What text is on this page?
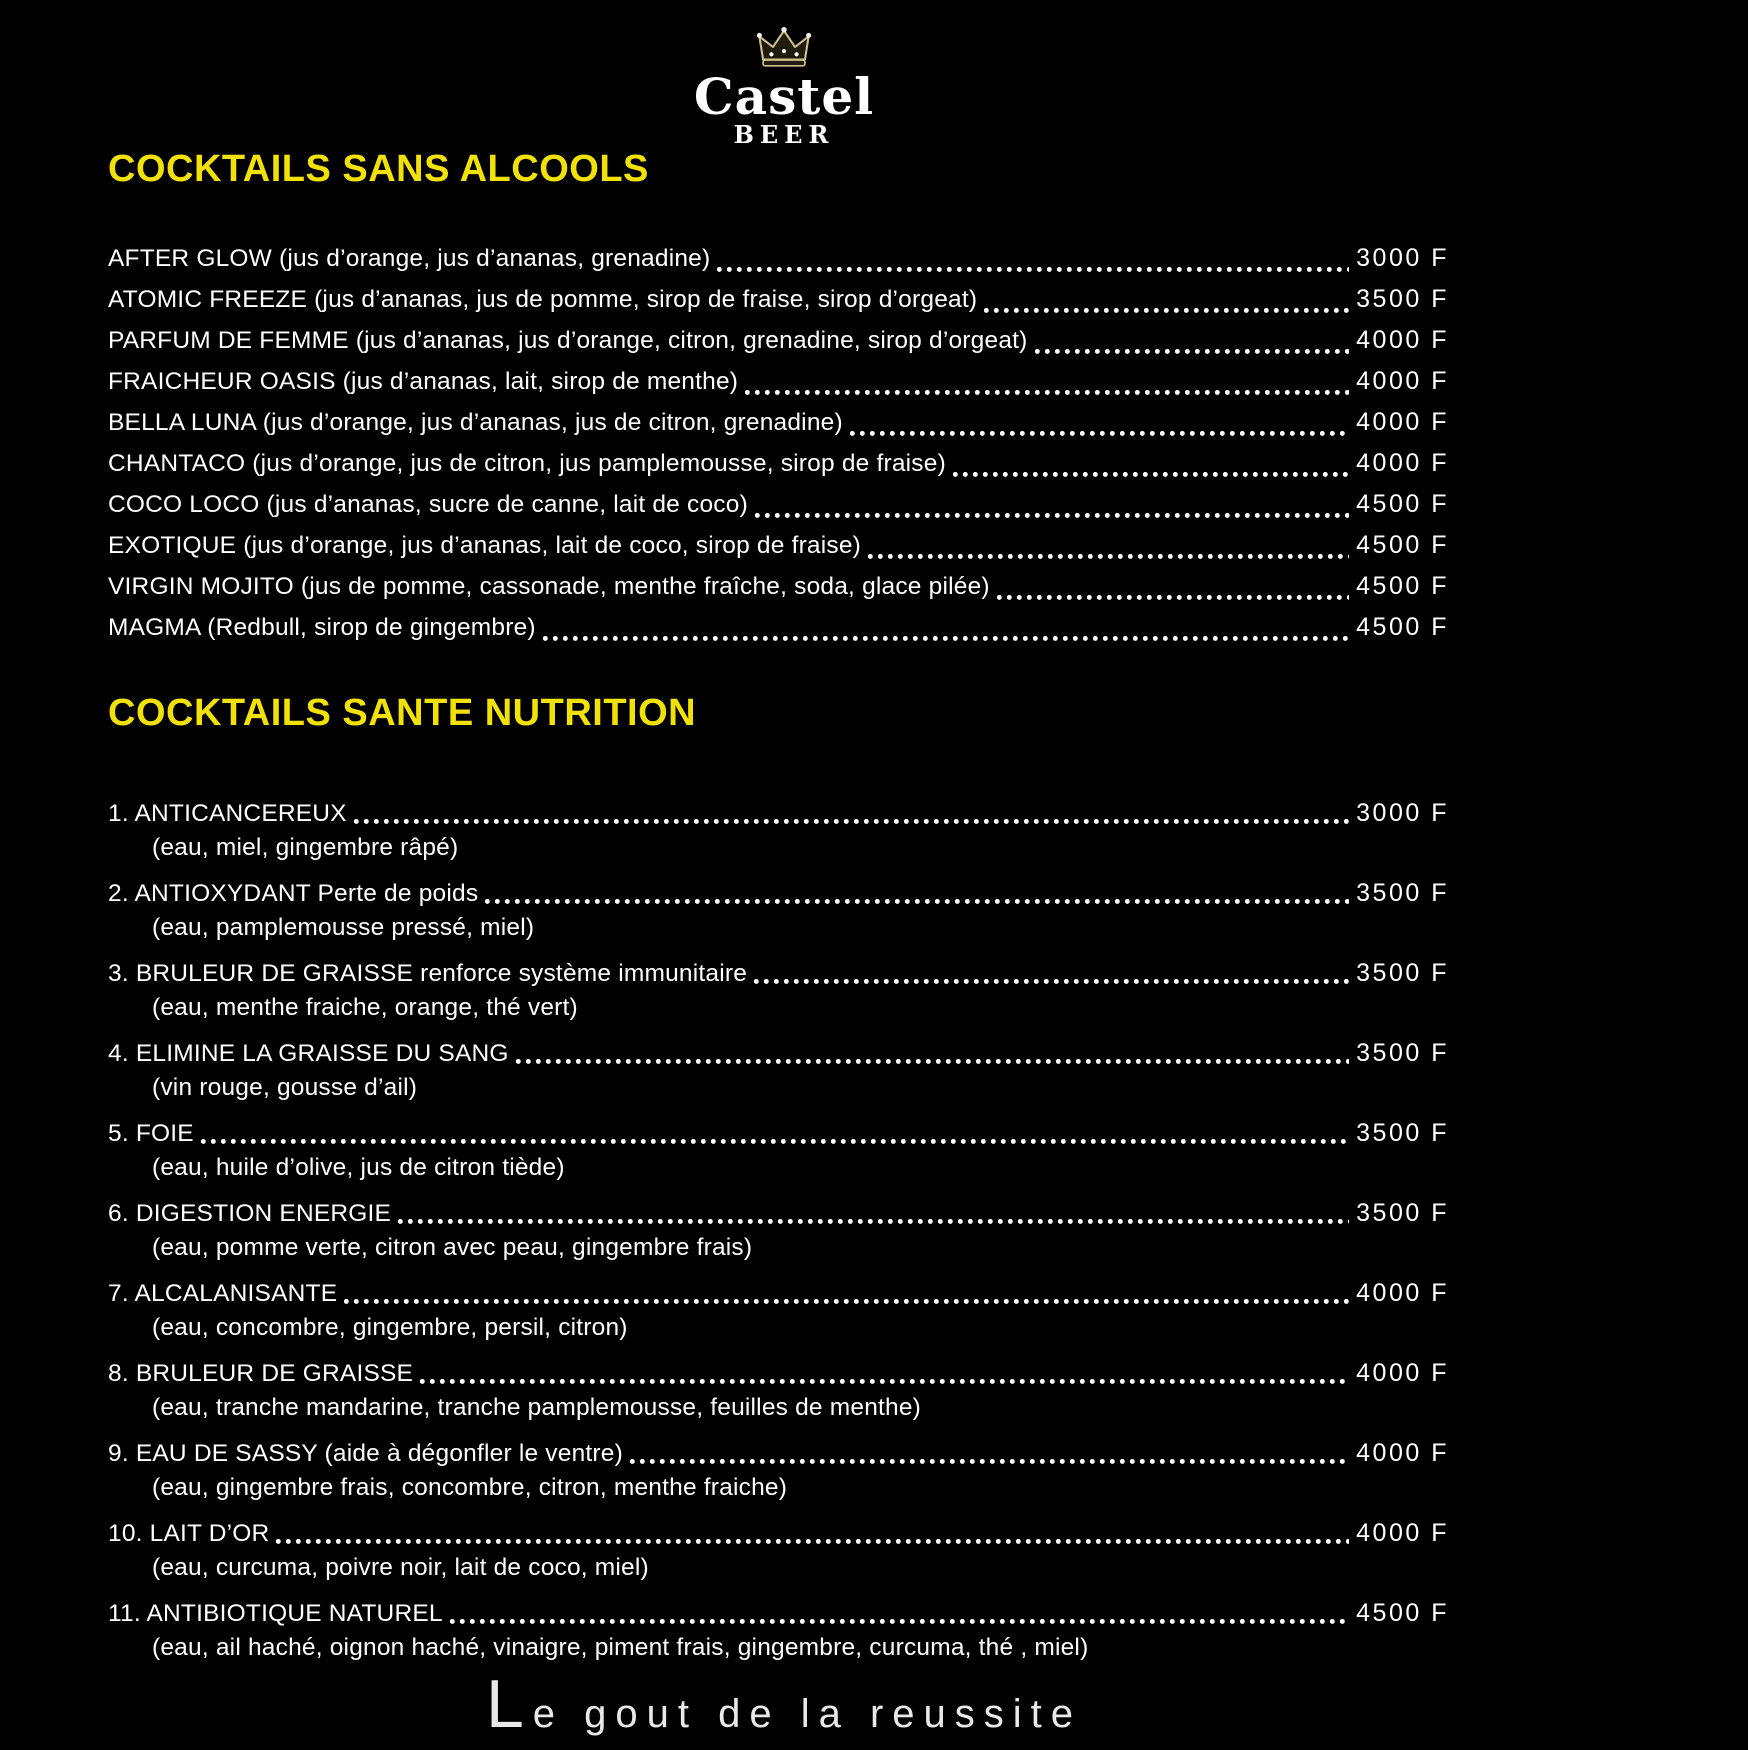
Castel
BEER
COCKTAILS SANS ALCOOLS
AFTER GLOW (jus d’orange, jus d’ananas, grenadine)	3000 F
ATOMIC FREEZE (jus d’ananas, jus de pomme, sirop de fraise, sirop d’orgeat)	3500 F
PARFUM DE FEMME (jus d’ananas, jus d’orange, citron, grenadine, sirop d’orgeat)	4000 F
FRAICHEUR OASIS (jus d’ananas, lait, sirop de menthe)	4000 F
BELLA LUNA (jus d’orange, jus d’ananas, jus de citron, grenadine)	4000 F
CHANTACO (jus d’orange, jus de citron, jus pamplemousse, sirop de fraise)	4000 F
COCO LOCO (jus d’ananas, sucre de canne, lait de coco)	4500 F
EXOTIQUE (jus d’orange, jus d’ananas, lait de coco, sirop de fraise)	4500 F
VIRGIN MOJITO (jus de pomme, cassonade, menthe fraîche, soda, glace pilée)	4500 F
MAGMA (Redbull, sirop de gingembre)	4500 F
COCKTAILS SANTE NUTRITION
1. ANTICANCEREUX	3000 F
(eau, miel, gingembre râpé)
2. ANTIOXYDANT Perte de poids	3500 F
(eau, pamplemousse pressé, miel)
3. BRULEUR DE GRAISSE renforce système immunitaire	3500 F
(eau, menthe fraiche, orange, thé vert)
4. ELIMINE LA GRAISSE DU SANG	3500 F
(vin rouge, gousse d’ail)
5. FOIE	3500 F
(eau, huile d’olive, jus de citron tiède)
6. DIGESTION ENERGIE	3500 F
(eau, pomme verte, citron avec peau, gingembre frais)
7. ALCALANISANTE	4000 F
(eau, concombre, gingembre, persil, citron)
8. BRULEUR DE GRAISSE	4000 F
(eau, tranche mandarine, tranche pamplemousse, feuilles de menthe)
9. EAU DE SASSY (aide à dégonfler le ventre)	4000 F
(eau, gingembre frais, concombre, citron, menthe fraiche)
10. LAIT D’OR	4000 F
(eau, curcuma, poivre noir, lait de coco, miel)
11. ANTIBIOTIQUE NATUREL	4500 F
(eau, ail haché, oignon haché, vinaigre, piment frais, gingembre, curcuma, thé , miel)
Le gout de la reussite
